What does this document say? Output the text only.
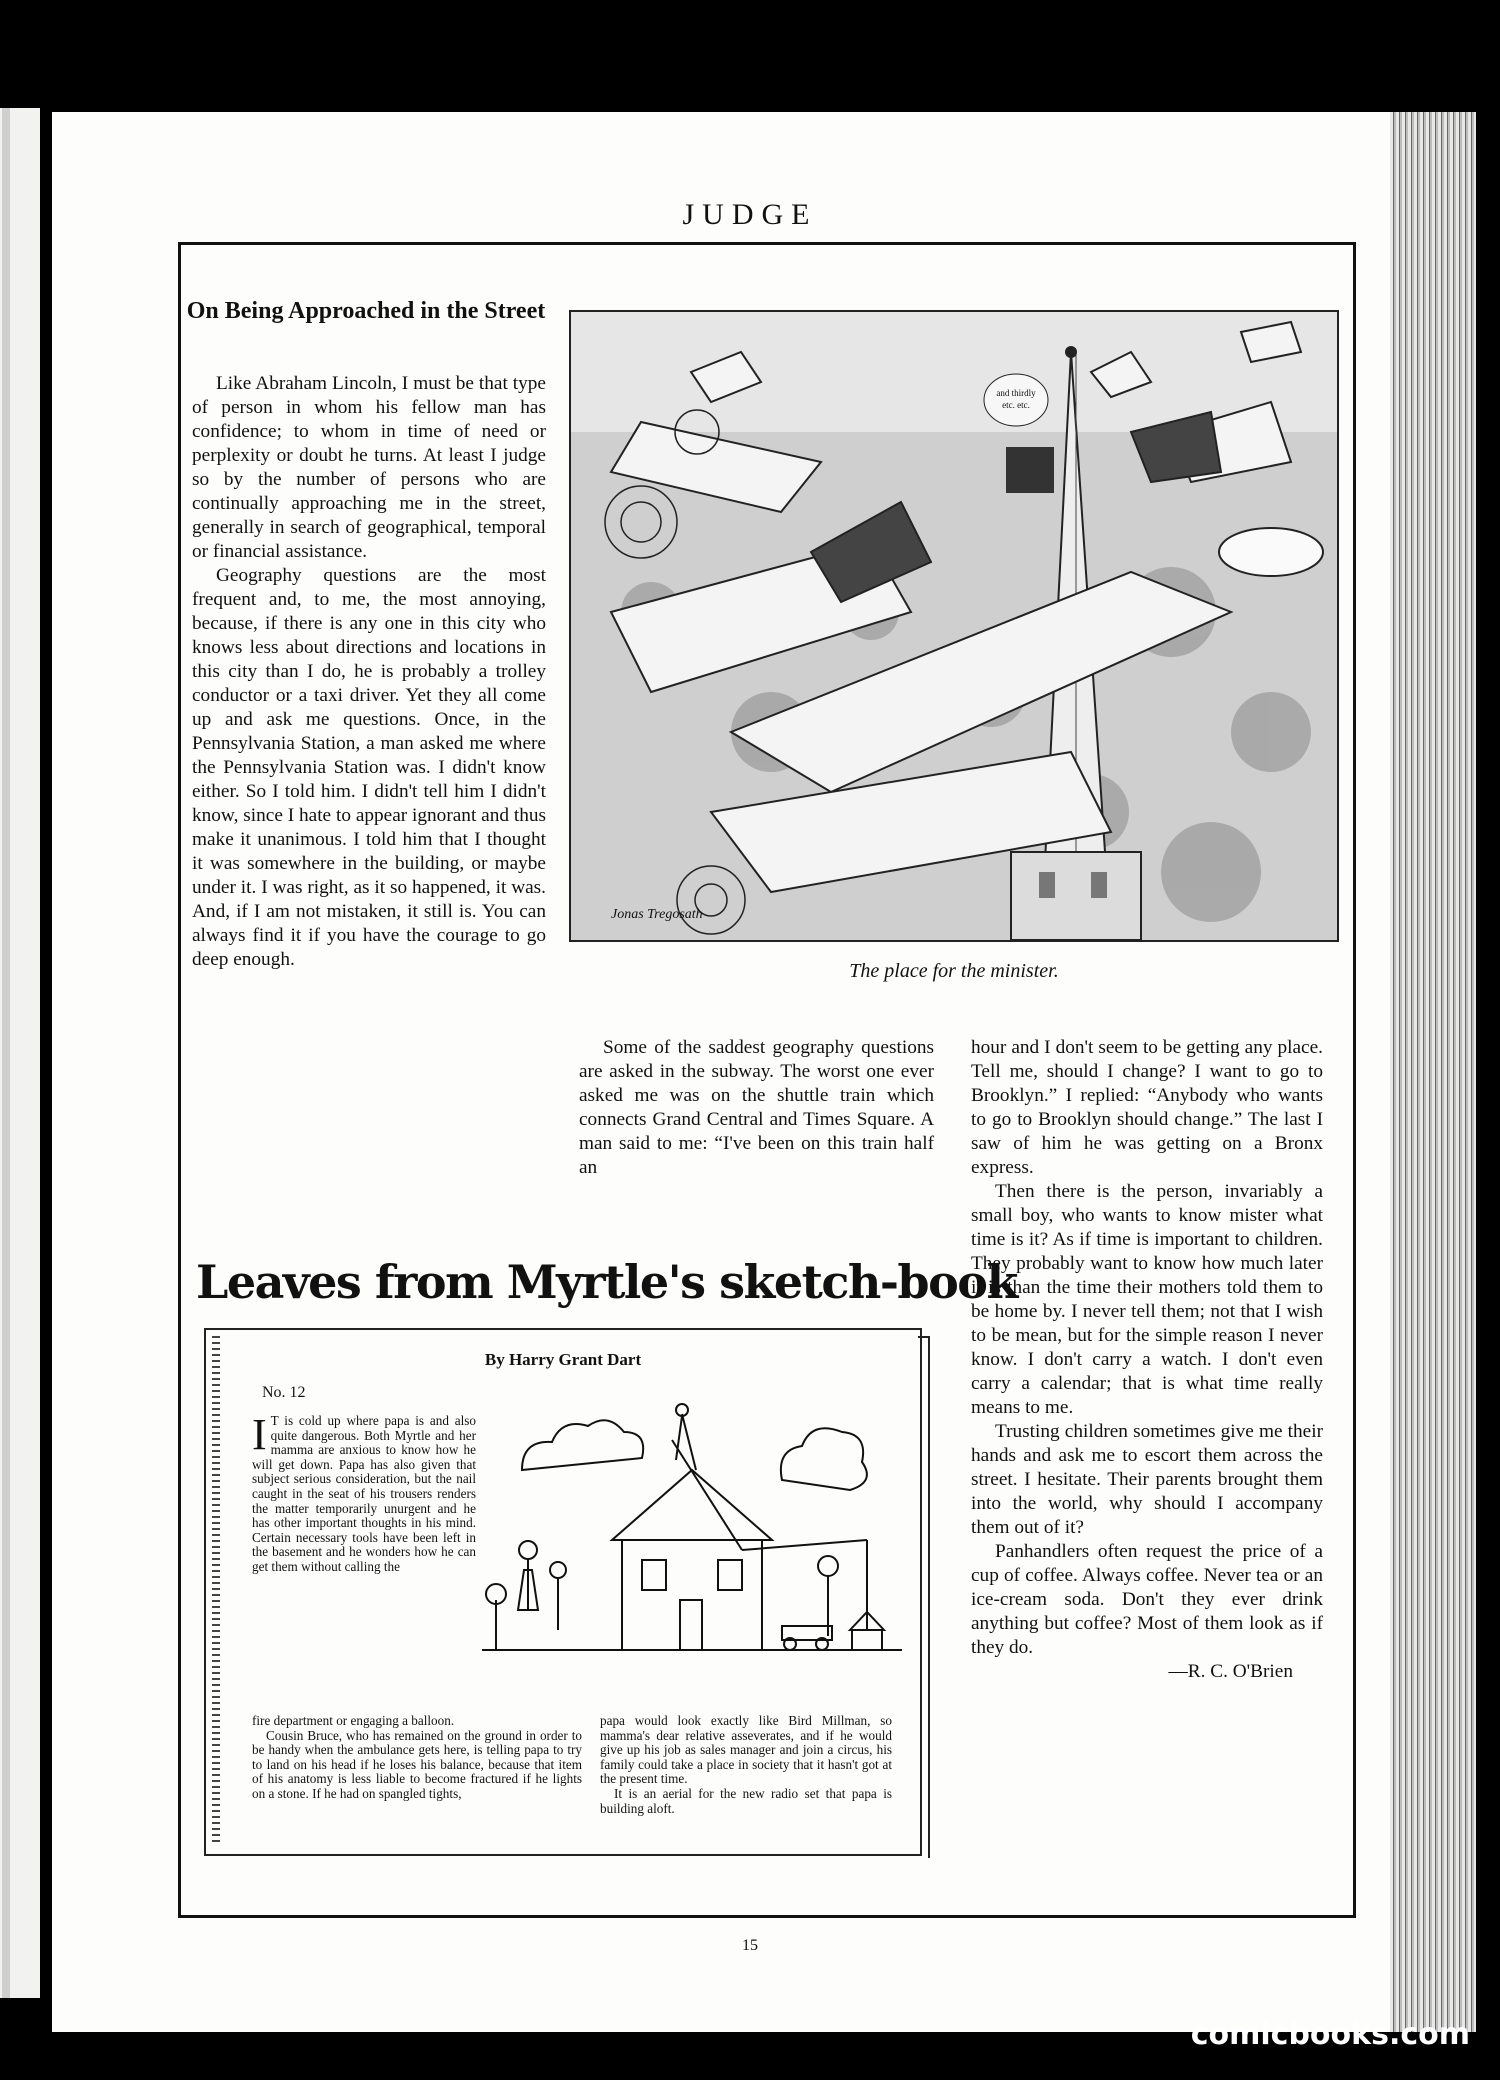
JUDGE
On Being Approached in the Street

Like Abraham Lincoln, I must be that type of person in whom his fellow man has confidence; to whom in time of need or perplexity or doubt he turns. At least I judge so by the number of persons who are continually approaching me in the street, generally in search of geographical, temporal or financial assistance.

Geography questions are the most frequent and, to me, the most annoying, because, if there is any one in this city who knows less about directions and locations in this city than I do, he is probably a trolley conductor or a taxi driver. Yet they all come up and ask me questions. Once, in the Pennsylvania Station, a man asked me where the Pennsylvania Station was. I didn't know either. So I told him. I didn't tell him I didn't know, since I hate to appear ignorant and thus make it unanimous. I told him that I thought it was somewhere in the building, or maybe under it. I was right, as it so happened, it was. And, if I am not mistaken, it still is. You can always find it if you have the courage to go deep enough.

and thirdly
etc. etc.
Jonas Tregosath
The place for the minister.

Some of the saddest geography questions are asked in the subway. The worst one ever asked me was on the shuttle train which connects Grand Central and Times Square. A man said to me: “I've been on this train half an

hour and I don't seem to be getting any place. Tell me, should I change? I want to go to Brooklyn.” I replied: “Anybody who wants to go to Brooklyn should change.” The last I saw of him he was getting on a Bronx express.

Then there is the person, invariably a small boy, who wants to know mister what time is it? As if time is important to children. They probably want to know how much later it is than the time their mothers told them to be home by. I never tell them; not that I wish to be mean, but for the simple reason I never know. I don't carry a watch. I don't even carry a calendar; that is what time really means to me.

Trusting children sometimes give me their hands and ask me to escort them across the street. I hesitate. Their parents brought them into the world, why should I accompany them out of it?

Panhandlers often request the price of a cup of coffee. Always coffee. Never tea or an ice-cream soda. Don't they ever drink anything but coffee? Most of them look as if they do.

—R. C. O'Brien

Leaves from Myrtle's sketch-book
By Harry Grant Dart
No. 12
I T is cold up where papa is and also quite dangerous. Both Myrtle and her mamma are anxious to know how he will get down. Papa has also given that subject serious consideration, but the nail caught in the seat of his trousers renders the matter temporarily unurgent and he has other important thoughts in his mind. Certain necessary tools have been left in the basement and he wonders how he can get them without calling the

fire department or engaging a balloon.

Cousin Bruce, who has remained on the ground in order to be handy when the ambulance gets here, is telling papa to try to land on his head if he loses his balance, because that item of his anatomy is less liable to become fractured if he lights on a stone. If he had on spangled tights,

papa would look exactly like Bird Millman, so mamma's dear relative asseverates, and if he would give up his job as sales manager and join a circus, his family could take a place in society that it hasn't got at the present time.

It is an aerial for the new radio set that papa is building aloft.

15
comicbooks.com
